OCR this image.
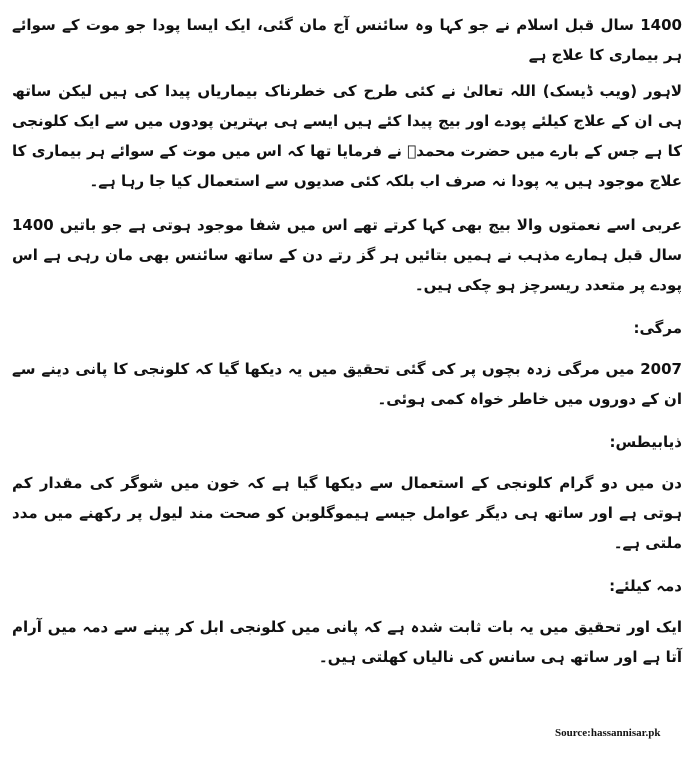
1400 سال قبل اسلام نے جو کہا وہ سائنس آج مان گئی، ایک ایسا پودا جو موت کے سوائے ہر بیماری کا علاج ہے

لاہور (ویب ڈیسک) اللہ تعالیٰ نے کئی طرح کی خطرناک بیماریاں پیدا کی ہیں لیکن ساتھ ہی ان کے علاج کیلئے پودے اور بیج پیدا کئے ہیں ایسے ہی بہترین پودوں میں سے ایک کلونجی کا ہے جس کے بارے میں حضرت محمدؐ نے فرمایا تھا کہ اس میں موت کے سوائے ہر بیماری کا علاج موجود ہیں یہ پودا نہ صرف اب بلکہ کئی صدیوں سے استعمال کیا جا رہا ہے۔

عربی اسے نعمتوں والا بیج بھی کہا کرتے تھے اس میں شفا موجود ہوتی ہے جو باتیں 1400 سال قبل ہمارے مذہب نے ہمیں بتائیں ہر گز رتے دن کے ساتھ سائنس بھی مان رہی ہے اس پودے پر متعدد ریسرچز ہو چکی ہیں۔

مرگی:

2007 میں مرگی زدہ بچوں پر کی گئی تحقیق میں یہ دیکھا گیا کہ کلونجی کا پانی دینے سے ان کے دوروں میں خاطر خواہ کمی ہوئی۔

ذیابیطس:

دن میں دو گرام کلونجی کے استعمال سے دیکھا گیا ہے کہ خون میں شوگر کی مقدار کم ہوتی ہے اور ساتھ ہی دیگر عوامل جیسے ہیموگلوبن کو صحت مند لیول پر رکھنے میں مدد ملتی ہے۔

دمہ کیلئے:

ایک اور تحقیق میں یہ بات ثابت شدہ ہے کہ پانی میں کلونجی ابل کر پینے سے دمہ میں آرام آتا ہے اور ساتھ ہی سانس کی نالیاں کھلتی ہیں۔

Source:hassannisar.pk
